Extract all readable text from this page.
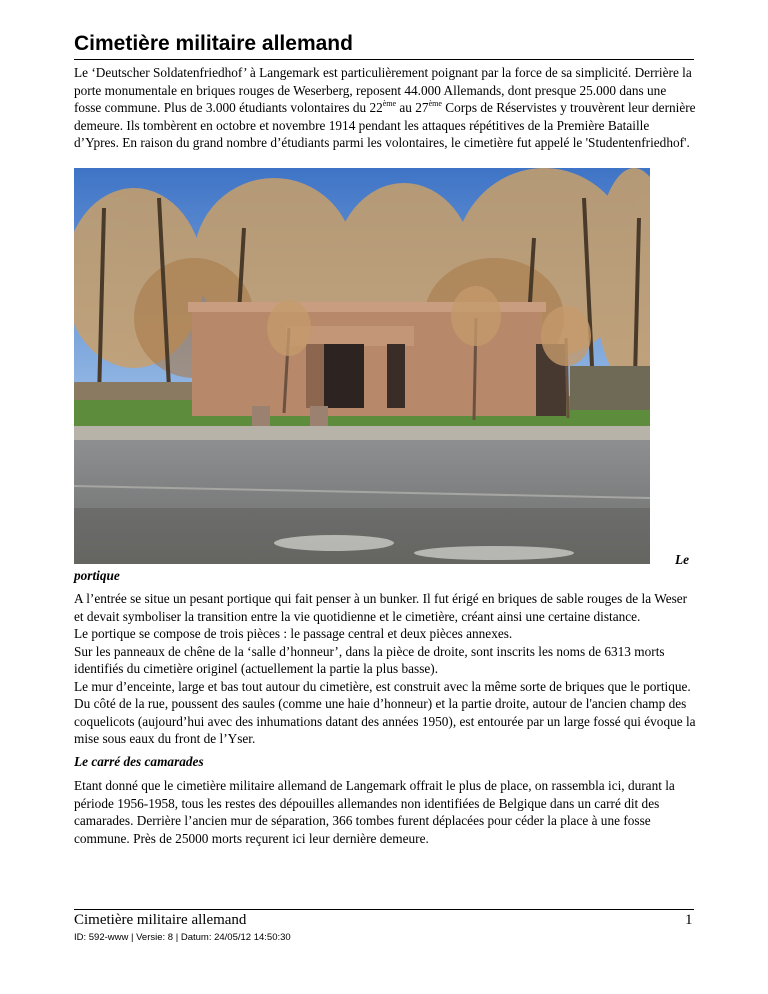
Cimetière militaire allemand

Le ‘Deutscher Soldatenfriedhof’ à Langemark est particulièrement poignant par la force de sa simplicité. Derrière la porte monumentale en briques rouges de Weserberg, reposent 44.000 Allemands, dont presque 25.000 dans une fosse commune. Plus de 3.000 étudiants volontaires du 22ème au 27ème Corps de Réservistes y trouvèrent leur dernière demeure. Ils tombèrent en octobre et novembre 1914 pendant les attaques répétitives de la Première Bataille d’Ypres. En raison du grand nombre d’étudiants parmi les volontaires, le cimetière fut appelé le 'Studentenfriedhof'.

Le
portique

A l’entrée se situe un pesant portique qui fait penser à un bunker. Il fut érigé en briques de sable rouges de la Weser et devait symboliser la transition entre la vie quotidienne et le cimetière, créant ainsi une certaine distance.
Le portique se compose de trois pièces : le passage central et deux pièces annexes.
Sur les panneaux de chêne de la ‘salle d’honneur’, dans la pièce de droite, sont inscrits les noms de 6313 morts identifiés du cimetière originel (actuellement la partie la plus basse).
Le mur d’enceinte, large et bas tout autour du cimetière, est construit avec la même sorte de briques que le portique. Du côté de la rue, poussent des saules (comme une haie d’honneur) et la partie droite, autour de l'ancien champ des coquelicots (aujourd’hui avec des inhumations datant des années 1950), est entourée par un large fossé qui évoque la mise sous eaux du front de l’Yser.

Le carré des camarades

Etant donné que le cimetière militaire allemand de Langemark offrait le plus de place, on rassembla ici, durant la période 1956-1958, tous les restes des dépouilles allemandes non identifiées de Belgique dans un carré dit des camarades. Derrière l’ancien mur de séparation, 366 tombes furent déplacées pour céder la place à une fosse commune. Près de 25000 morts reçurent ici leur dernière demeure.

Cimetière militaire allemand	1
ID: 592-www | Versie: 8 | Datum: 24/05/12 14:50:30
